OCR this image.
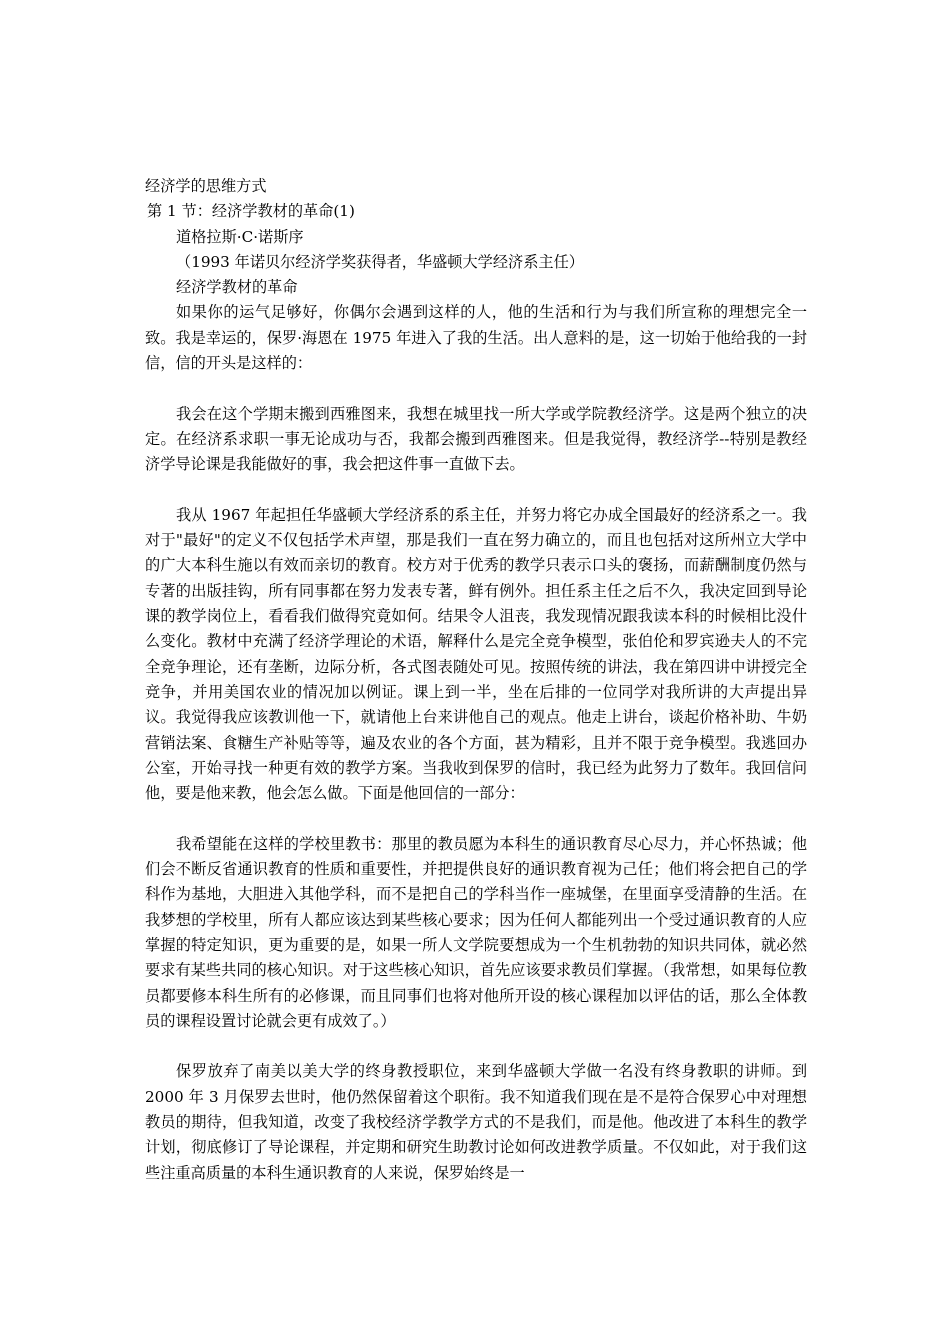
经济学的思维方式

第 1 节：经济学教材的革命(1)

道格拉斯·C·诺斯序

（1993 年诺贝尔经济学奖获得者，华盛顿大学经济系主任）

经济学教材的革命

如果你的运气足够好，你偶尔会遇到这样的人，他的生活和行为与我们所宣称的理想完全一致。我是幸运的，保罗·海恩在 1975 年进入了我的生活。出人意料的是，这一切始于他给我的一封信，信的开头是这样的：

我会在这个学期末搬到西雅图来，我想在城里找一所大学或学院教经济学。这是两个独立的决定。在经济系求职一事无论成功与否，我都会搬到西雅图来。但是我觉得，教经济学--特别是教经济学导论课是我能做好的事，我会把这件事一直做下去。

我从 1967 年起担任华盛顿大学经济系的系主任，并努力将它办成全国最好的经济系之一。我对于"最好"的定义不仅包括学术声望，那是我们一直在努力确立的，而且也包括对这所州立大学中的广大本科生施以有效而亲切的教育。校方对于优秀的教学只表示口头的褒扬，而薪酬制度仍然与专著的出版挂钩，所有同事都在努力发表专著，鲜有例外。担任系主任之后不久，我决定回到导论课的教学岗位上，看看我们做得究竟如何。结果令人沮丧，我发现情况跟我读本科的时候相比没什么变化。教材中充满了经济学理论的术语，解释什么是完全竞争模型，张伯伦和罗宾逊夫人的不完全竞争理论，还有垄断，边际分析，各式图表随处可见。按照传统的讲法，我在第四讲中讲授完全竞争，并用美国农业的情况加以例证。课上到一半，坐在后排的一位同学对我所讲的大声提出异议。我觉得我应该教训他一下，就请他上台来讲他自己的观点。他走上讲台，谈起价格补助、牛奶营销法案、食糖生产补贴等等，遍及农业的各个方面，甚为精彩，且并不限于竞争模型。我逃回办公室，开始寻找一种更有效的教学方案。当我收到保罗的信时，我已经为此努力了数年。我回信问他，要是他来教，他会怎么做。下面是他回信的一部分：

我希望能在这样的学校里教书：那里的教员愿为本科生的通识教育尽心尽力，并心怀热诚；他们会不断反省通识教育的性质和重要性，并把提供良好的通识教育视为己任；他们将会把自己的学科作为基地，大胆进入其他学科，而不是把自己的学科当作一座城堡，在里面享受清静的生活。在我梦想的学校里，所有人都应该达到某些核心要求；因为任何人都能列出一个受过通识教育的人应掌握的特定知识，更为重要的是，如果一所人文学院要想成为一个生机勃勃的知识共同体，就必然要求有某些共同的核心知识。对于这些核心知识，首先应该要求教员们掌握。（我常想，如果每位教员都要修本科生所有的必修课，而且同事们也将对他所开设的核心课程加以评估的话，那么全体教员的课程设置讨论就会更有成效了。）

保罗放弃了南美以美大学的终身教授职位，来到华盛顿大学做一名没有终身教职的讲师。到 2000 年 3 月保罗去世时，他仍然保留着这个职衔。我不知道我们现在是不是符合保罗心中对理想教员的期待，但我知道，改变了我校经济学教学方式的不是我们，而是他。他改进了本科生的教学计划，彻底修订了导论课程，并定期和研究生助教讨论如何改进教学质量。不仅如此，对于我们这些注重高质量的本科生通识教育的人来说，保罗始终是一
